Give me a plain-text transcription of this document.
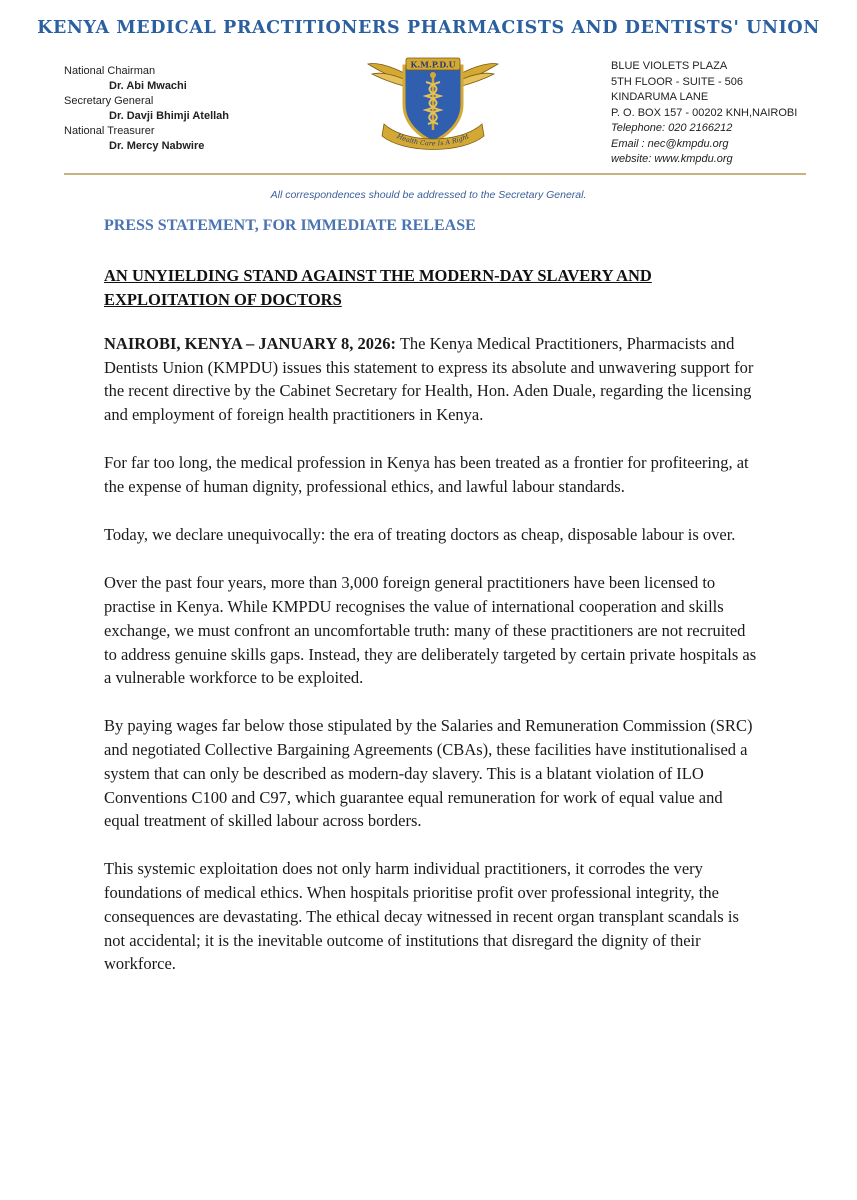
KENYA MEDICAL PRACTITIONERS PHARMACISTS AND DENTISTS' UNION
National Chairman
Dr. Abi Mwachi
Secretary General
Dr. Davji Bhimji Atellah
National Treasurer
Dr. Mercy Nabwire
K.M.P.D.U
Health Care Is A Right
BLUE VIOLETS PLAZA
5TH FLOOR - SUITE - 506
KINDARUMA LANE
P. O. BOX 157 - 00202 KNH,NAIROBI
Telephone: 020 2166212
Email : nec@kmpdu.org
website: www.kmpdu.org
All correspondences should be addressed to the Secretary General.
PRESS STATEMENT, FOR IMMEDIATE RELEASE
AN UNYIELDING STAND AGAINST THE MODERN-DAY SLAVERY AND EXPLOITATION OF DOCTORS

NAIROBI, KENYA – JANUARY 8, 2026: The Kenya Medical Practitioners, Pharmacists and Dentists Union (KMPDU) issues this statement to express its absolute and unwavering support for the recent directive by the Cabinet Secretary for Health, Hon. Aden Duale, regarding the licensing and employment of foreign health practitioners in Kenya.

For far too long, the medical profession in Kenya has been treated as a frontier for profiteering, at the expense of human dignity, professional ethics, and lawful labour standards.

Today, we declare unequivocally: the era of treating doctors as cheap, disposable labour is over.

Over the past four years, more than 3,000 foreign general practitioners have been licensed to practise in Kenya. While KMPDU recognises the value of international cooperation and skills exchange, we must confront an uncomfortable truth: many of these practitioners are not recruited to address genuine skills gaps. Instead, they are deliberately targeted by certain private hospitals as a vulnerable workforce to be exploited.

By paying wages far below those stipulated by the Salaries and Remuneration Commission (SRC) and negotiated Collective Bargaining Agreements (CBAs), these facilities have institutionalised a system that can only be described as modern-day slavery. This is a blatant violation of ILO Conventions C100 and C97, which guarantee equal remuneration for work of equal value and equal treatment of skilled labour across borders.

This systemic exploitation does not only harm individual practitioners, it corrodes the very foundations of medical ethics. When hospitals prioritise profit over professional integrity, the consequences are devastating. The ethical decay witnessed in recent organ transplant scandals is not accidental; it is the inevitable outcome of institutions that disregard the dignity of their workforce.
